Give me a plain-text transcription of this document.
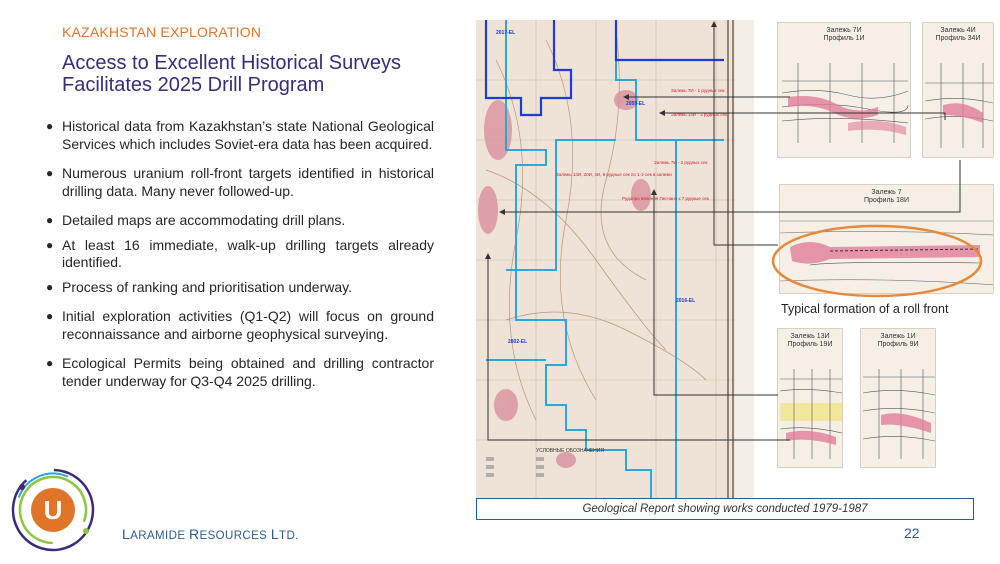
KAZAKHSTAN EXPLORATION
Access to Excellent Historical Surveys Facilitates 2025 Drill Program
● Historical data from Kazakhstan’s state National Geological Services which includes Soviet-era data has been acquired.
● Numerous uranium roll-front targets identified in historical drilling data. Many never followed-up.
● Detailed maps are accommodating drill plans.
● At least 16 immediate, walk-up drilling targets already identified.
● Process of ranking and prioritisation underway.
● Initial exploration activities (Q1-Q2) will focus on ground reconnaissance and airborne geophysical surveying.
● Ecological Permits being obtained and drilling contractor tender underway for Q3-Q4 2025 drilling.
U
LARAMIDE RESOURCES LTD.	22
2017-EL
2059-EL
2016-EL
2802-EL
Залежь 7И - 1 рудных сек
Залежь 14И - 3 рудных сек
Залежь 7И - 2 рудных сек
Залежь 13И, 20И, 4И, 9 рудные сек по 1-2 сек в залежи
Рудопро явления Песчано к 7 рудные сек
УСЛОВНЫЕ ОБОЗНАЧЕНИЯ
Залежь 7И
Профиль 1И
Залежь 4И
Профиль 34И
Залежь 7
Профиль 18И
Залежь 13И
Профиль 19И
Залежь 1И
Профиль 9И
Typical formation of a roll front
Geological Report showing works conducted 1979-1987
